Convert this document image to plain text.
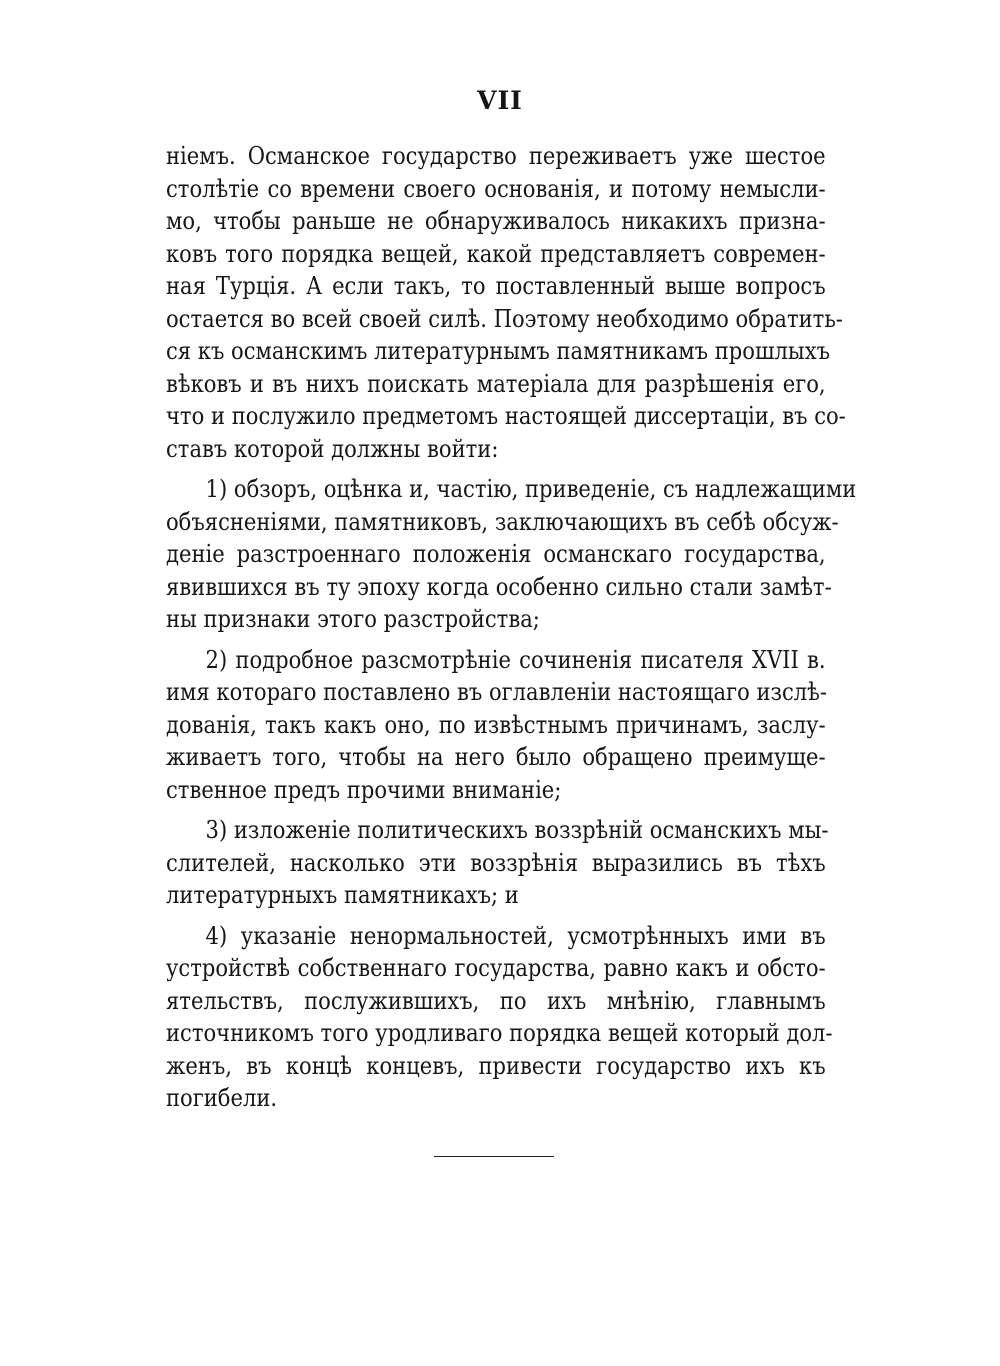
VII
ніемъ. Османское государство переживаетъ уже шестое
столѣтіе со времени своего основанія, и потому немысли-
мо, чтобы раньше не обнаруживалось никакихъ призна-
ковъ того порядка вещей, какой представляетъ современ-
ная Турція. А если такъ, то поставленный выше вопросъ
остается во всей своей силѣ. Поэтому необходимо обратить-
ся къ османскимъ литературнымъ памятникамъ прошлыхъ
вѣковъ и въ нихъ поискать матеріала для разрѣшенія его,
что и послужило предметомъ настоящей диссертаціи, въ со-
ставъ которой должны войти:
1) обзоръ, оцѣнка и, частію, приведеніе, съ надлежащими
объясненіями, памятниковъ, заключающихъ въ себѣ обсуж-
деніе разстроеннаго положенія османскаго государства,
явившихся въ ту эпоху когда особенно сильно стали замѣт-
ны признаки этого разстройства;
2) подробное разсмотрѣніе сочиненія писателя XVII в.
имя котораго поставлено въ оглавленіи настоящаго изслѣ-
дованія, такъ какъ оно, по извѣстнымъ причинамъ, заслу-
живаетъ того, чтобы на него было обращено преимуще-
ственное предъ прочими вниманіе;
3) изложеніе политическихъ воззрѣній османскихъ мы-
слителей, насколько эти воззрѣнія выразились въ тѣхъ
литературныхъ памятникахъ; и
4) указаніе ненормальностей, усмотрѣнныхъ ими въ
устройствѣ собственнаго государства, равно какъ и обсто-
ятельствъ, послужившихъ, по ихъ мнѣнію, главнымъ
источникомъ того уродливаго порядка вещей который дол-
женъ, въ концѣ концевъ, привести государство ихъ къ
погибели.
